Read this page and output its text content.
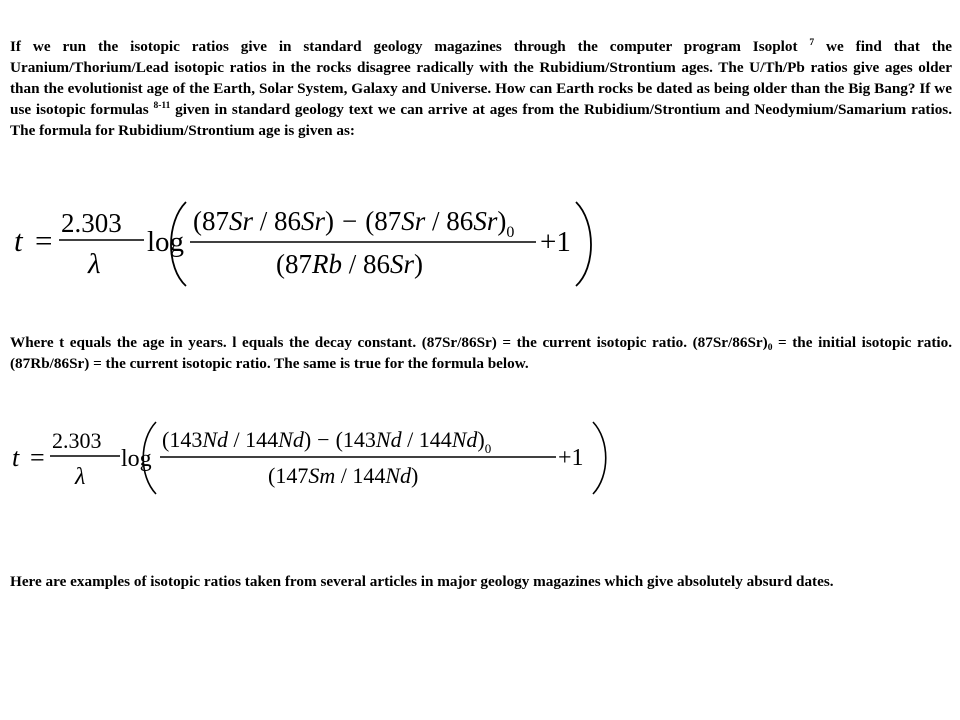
If we run the isotopic ratios give in standard geology magazines through the computer program Isoplot $^7$ we find that the Uranium/Thorium/Lead isotopic ratios in the rocks disagree radically with the Rubidium/Strontium ages. The U/Th/Pb ratios give ages older than the evolutionist age of the Earth, Solar System, Galaxy and Universe. How can Earth rocks be dated as being older than the Big Bang? If we use isotopic formulas $^{8-11}$ given in standard geology text we can arrive at ages from the Rubidium/Strontium and Neodymium/Samarium ratios. The formula for Rubidium/Strontium age is given as:

t = 2.303
λ
log
$(87Sr / 86Sr) - (87Sr / 86Sr)_0$
(87Rb / 86Sr)
+1

Where t equals the age in years. l equals the decay constant. (87Sr/86Sr) = the current isotopic ratio. $(87Sr/86Sr)_0$ = the initial isotopic ratio. (87Rb/86Sr) = the current isotopic ratio. The same is true for the formula below.

t =
2.303
λ
log
$(143Nd / 144Nd) - (143Nd / 144Nd)_0$
(147Sm / 144Nd)
+1

Here are examples of isotopic ratios taken from several articles in major geology magazines which give absolutely absurd dates.
